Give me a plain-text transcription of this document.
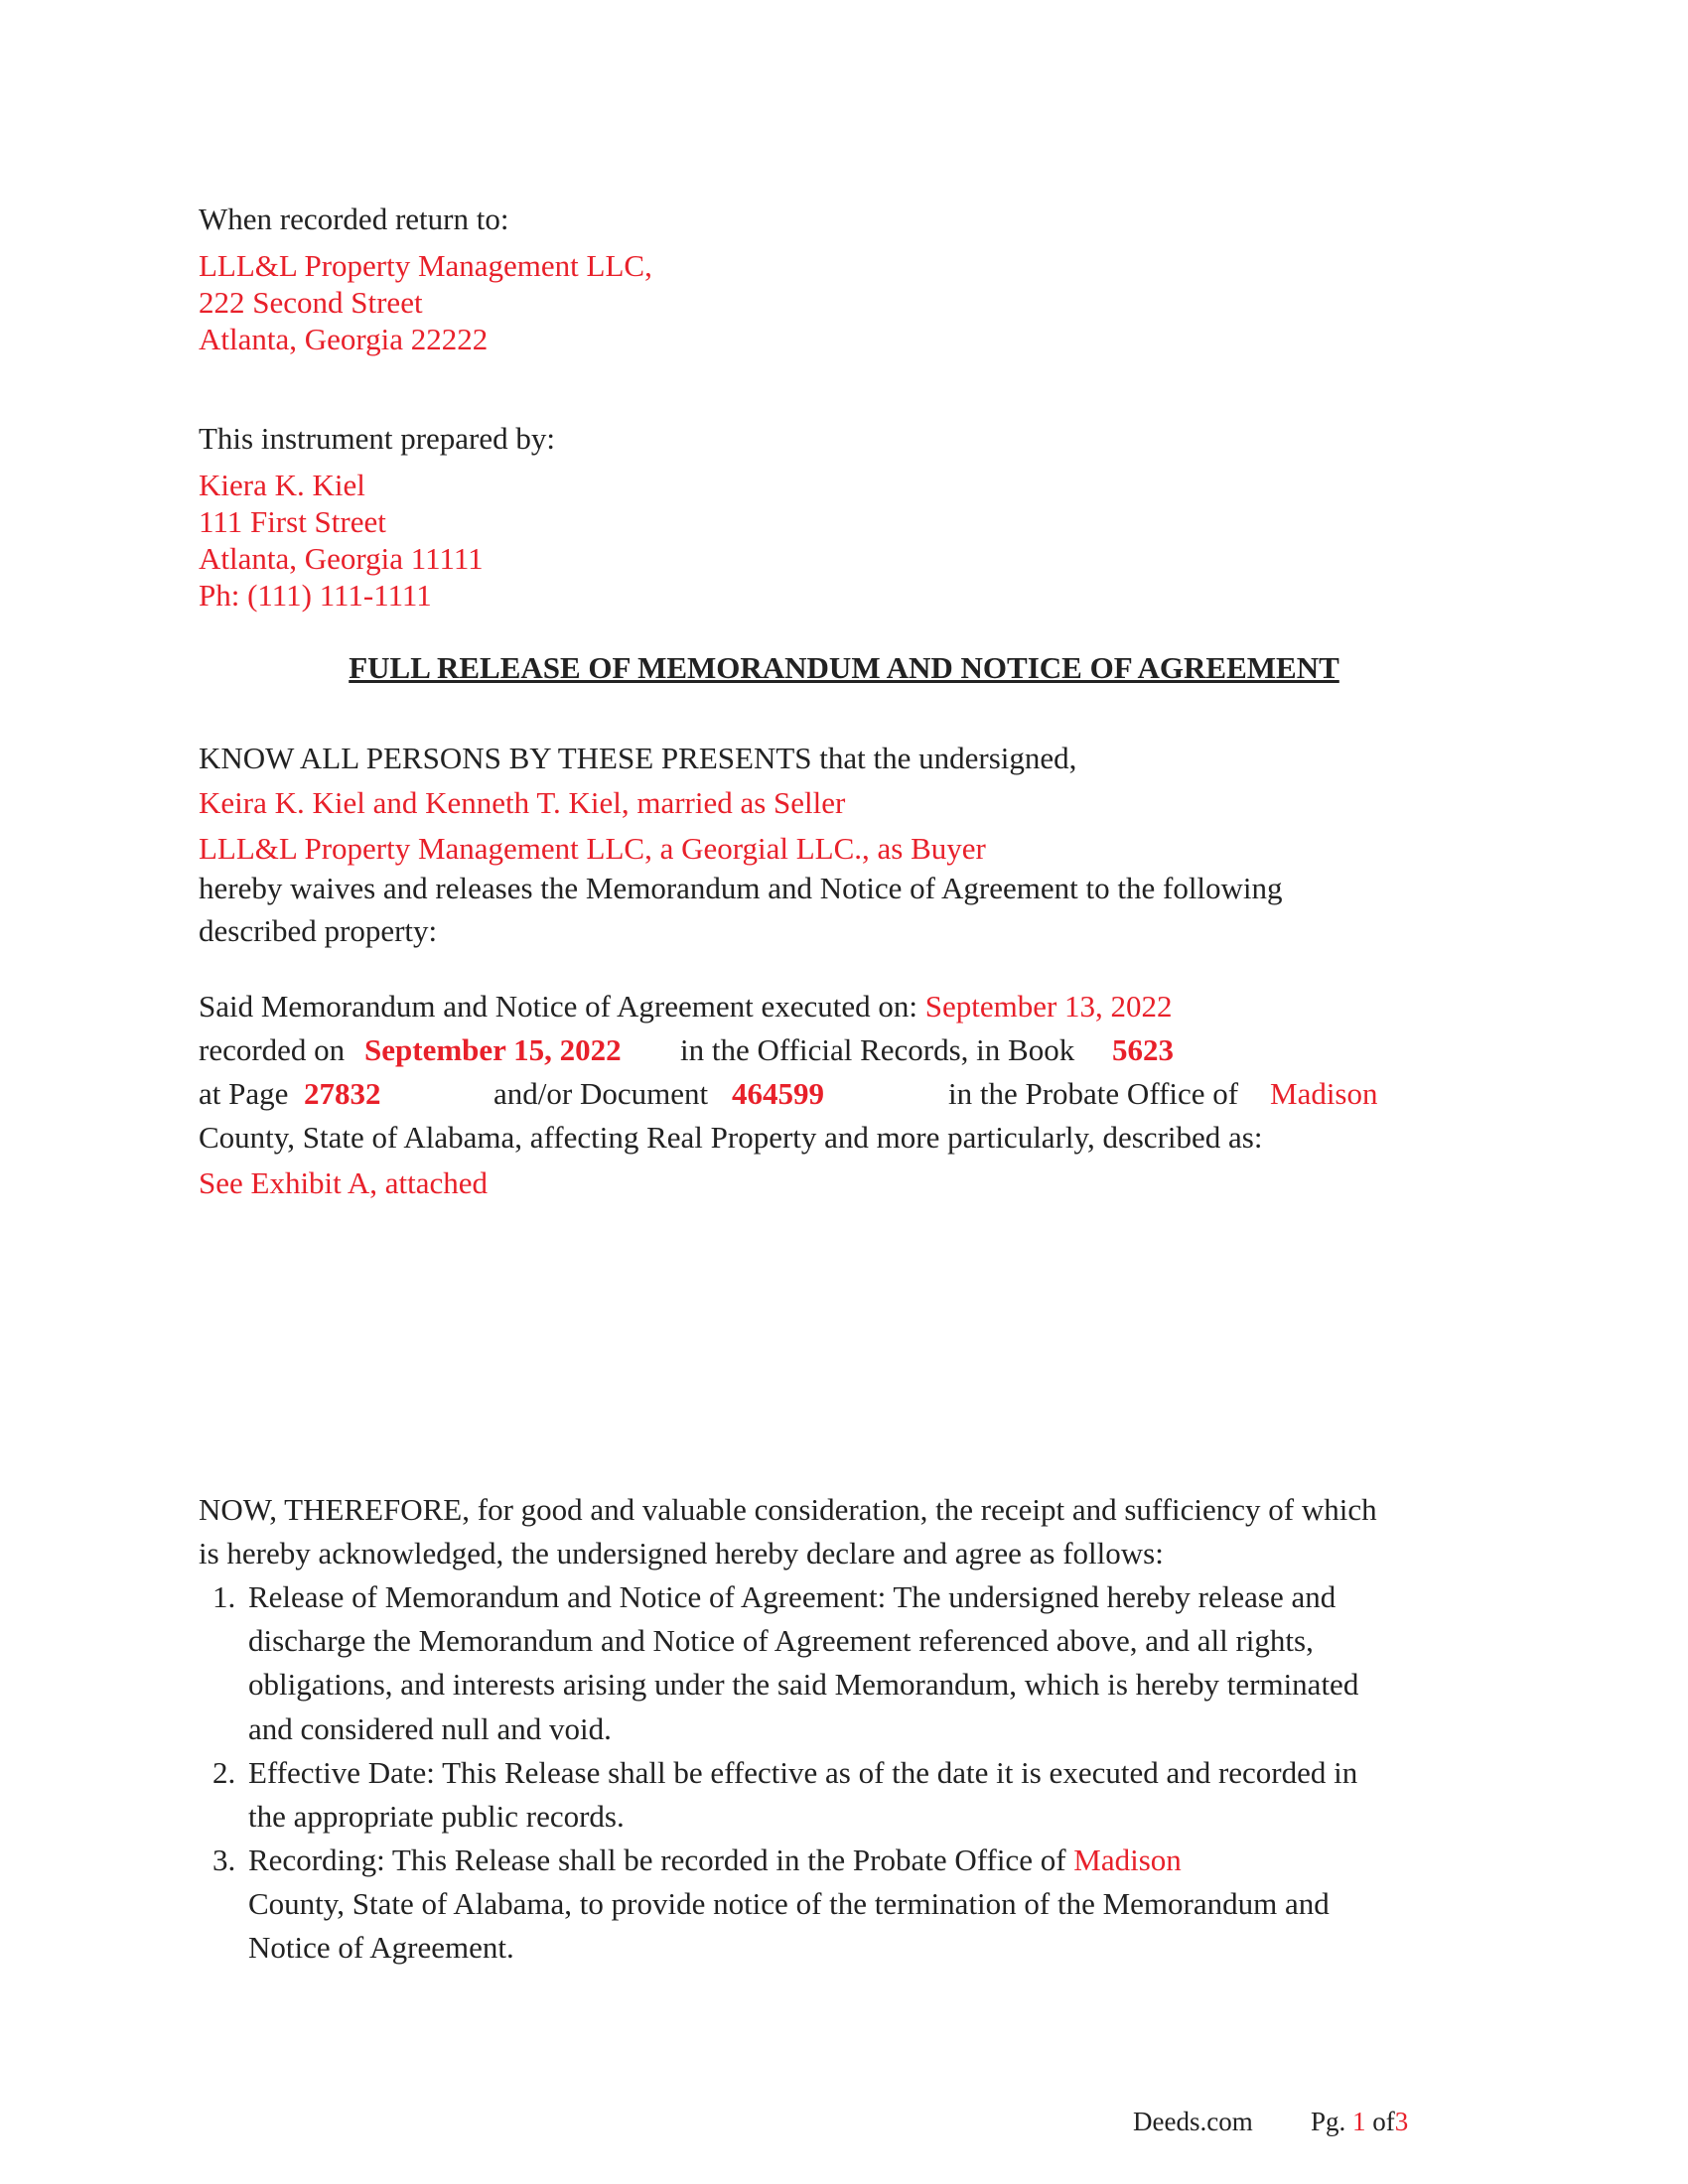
When recorded return to:
LLL&L Property Management LLC,
222 Second Street
Atlanta, Georgia 22222
This instrument prepared by:
Kiera K. Kiel
111 First Street
Atlanta, Georgia 11111
Ph: (111) 111-1111
FULL RELEASE OF MEMORANDUM AND NOTICE OF AGREEMENT
KNOW ALL PERSONS BY THESE PRESENTS that the undersigned,
Keira K. Kiel and Kenneth T. Kiel, married as Seller
LLL&L Property Management LLC, a Georgial LLC., as Buyer
hereby waives and releases the Memorandum and Notice of Agreement to the following
described property:
Said Memorandum and Notice of Agreement executed on: September 13, 2022
recorded on September 15, 2022 in the Official Records, in Book 5623
at Page 27832	and/or Document 464599	in the Probate Office of Madison
County, State of Alabama, affecting Real Property and more particularly, described as:
See Exhibit A, attached
NOW, THEREFORE, for good and valuable consideration, the receipt and sufficiency of which
is hereby acknowledged, the undersigned hereby declare and agree as follows:
1. Release of Memorandum and Notice of Agreement: The undersigned hereby release and
discharge the Memorandum and Notice of Agreement referenced above, and all rights,
obligations, and interests arising under the said Memorandum, which is hereby terminated
and considered null and void.
2. Effective Date: This Release shall be effective as of the date it is executed and recorded in
the appropriate public records.
3. Recording: This Release shall be recorded in the Probate Office of Madison
County, State of Alabama, to provide notice of the termination of the Memorandum and
Notice of Agreement.
Deeds.com Pg. 1 of3
